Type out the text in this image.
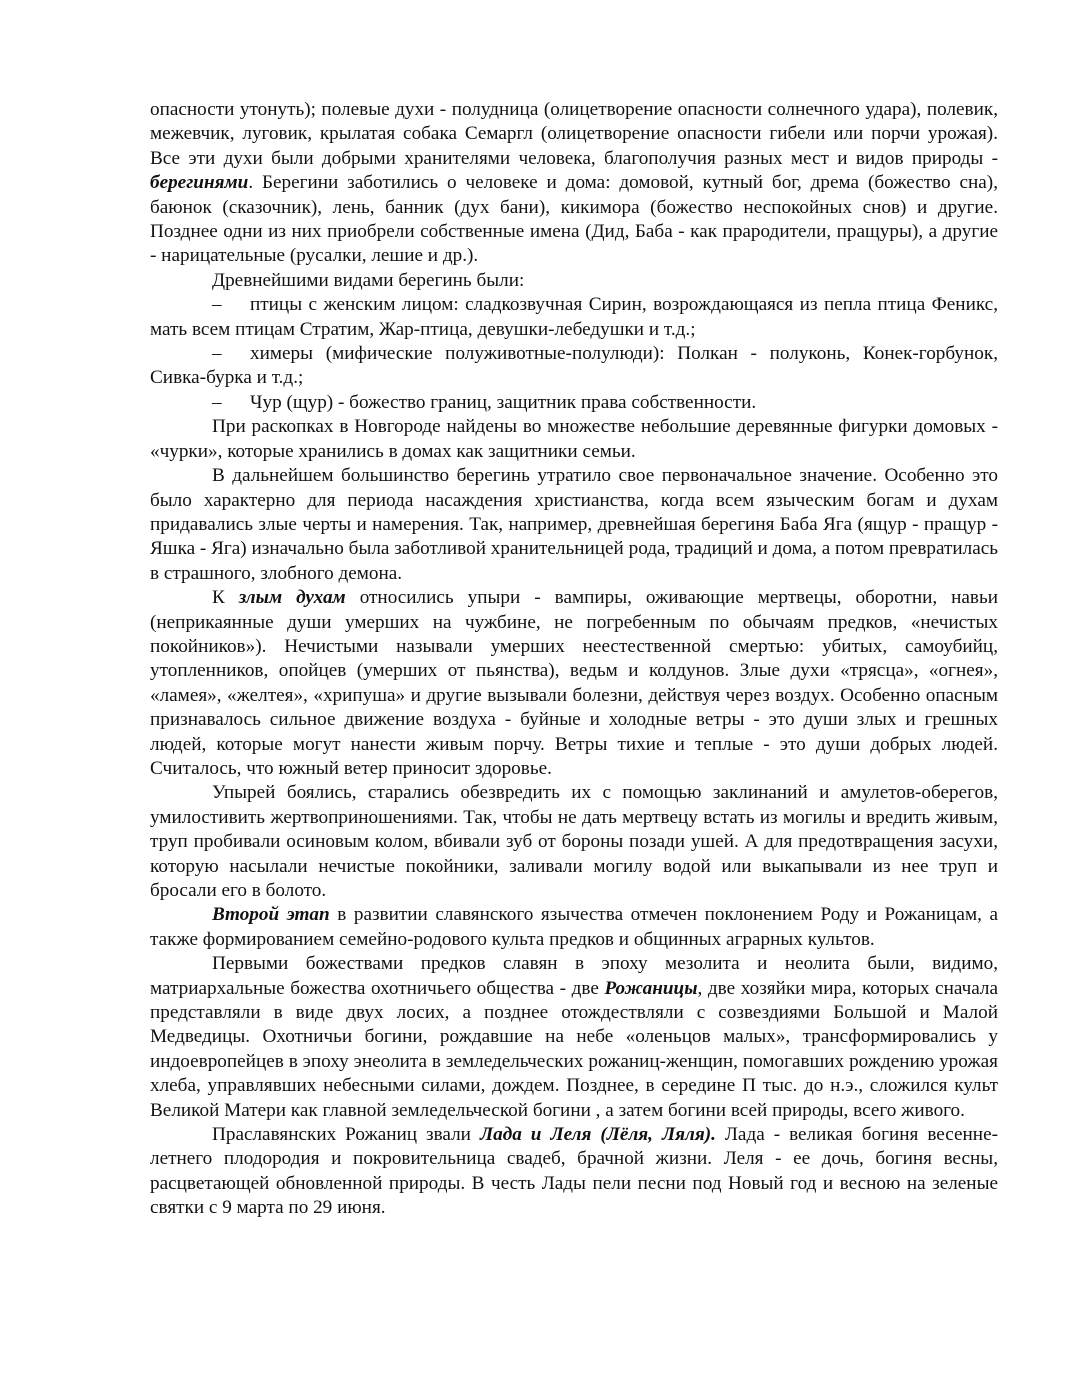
опасности утонуть); полевые духи - полудница (олицетворение опасности солнечного удара), полевик, межевчик, луговик, крылатая собака Семаргл (олицетворение опасности гибели или порчи урожая). Все эти духи были добрыми хранителями человека, благополучия разных мест и видов природы - берегинями. Берегини заботились о человеке и дома: домовой, кутный бог, дрема (божество сна), баюнок (сказочник), лень, банник (дух бани), кикимора (божество неспокойных снов) и другие. Позднее одни из них приобрели собственные имена (Дид, Баба - как прародители, пращуры), а другие - нарицательные (русалки, лешие и др.).

Древнейшими видами берегинь были:

– птицы с женским лицом: сладкозвучная Сирин, возрождающаяся из пепла птица Феникс, мать всем птицам Стратим, Жар-птица, девушки-лебедушки и т.д.;

– химеры (мифические полуживотные-полулюди): Полкан - полуконь, Конек-горбунок, Сивка-бурка и т.д.;

– Чур (щур) - божество границ, защитник права собственности.

При раскопках в Новгороде найдены во множестве небольшие деревянные фигурки домовых - «чурки», которые хранились в домах как защитники семьи.

В дальнейшем большинство берегинь утратило свое первоначальное значение. Особенно это было характерно для периода насаждения христианства, когда всем языческим богам и духам придавались злые черты и намерения. Так, например, древнейшая берегиня Баба Яга (ящур - пращур - Яшка - Яга) изначально была заботливой хранительницей рода, традиций и дома, а потом превратилась в страшного, злобного демона.

К злым духам относились упыри - вампиры, оживающие мертвецы, оборотни, навьи (неприкаянные души умерших на чужбине, не погребенным по обычаям предков, «нечистых покойников»). Нечистыми называли умерших неестественной смертью: убитых, самоубийц, утопленников, опойцев (умерших от пьянства), ведьм и колдунов. Злые духи «трясца», «огнея», «ламея», «желтея», «хрипуша» и другие вызывали болезни, действуя через воздух. Особенно опасным признавалось сильное движение воздуха - буйные и холодные ветры - это души злых и грешных людей, которые могут нанести живым порчу. Ветры тихие и теплые - это души добрых людей. Считалось, что южный ветер приносит здоровье.

Упырей боялись, старались обезвредить их с помощью заклинаний и амулетов-оберегов, умилостивить жертвоприношениями. Так, чтобы не дать мертвецу встать из могилы и вредить живым, труп пробивали осиновым колом, вбивали зуб от бороны позади ушей. А для предотвращения засухи, которую насылали нечистые покойники, заливали могилу водой или выкапывали из нее труп и бросали его в болото.

Второй этап в развитии славянского язычества отмечен поклонением Роду и Рожаницам, а также формированием семейно-родового культа предков и общинных аграрных культов.

Первыми божествами предков славян в эпоху мезолита и неолита были, видимо, матриархальные божества охотничьего общества - две Рожаницы, две хозяйки мира, которых сначала представляли в виде двух лосих, а позднее отождествляли с созвездиями Большой и Малой Медведицы. Охотничьи богини, рождавшие на небе «оленьцов малых», трансформировались у индоевропейцев в эпоху энеолита в земледельческих рожаниц-женщин, помогавших рождению урожая хлеба, управлявших небесными силами, дождем. Позднее, в середине П тыс. до н.э., сложился культ Великой Матери как главной земледельческой богини , а затем богини всей природы, всего живого.

Праславянских Рожаниц звали Лада и Леля (Лёля, Ляля). Лада - великая богиня весенне-летнего плодородия и покровительница свадеб, брачной жизни. Леля - ее дочь, богиня весны, расцветающей обновленной природы. В честь Лады пели песни под Новый год и весною на зеленые святки с 9 марта по 29 июня.
